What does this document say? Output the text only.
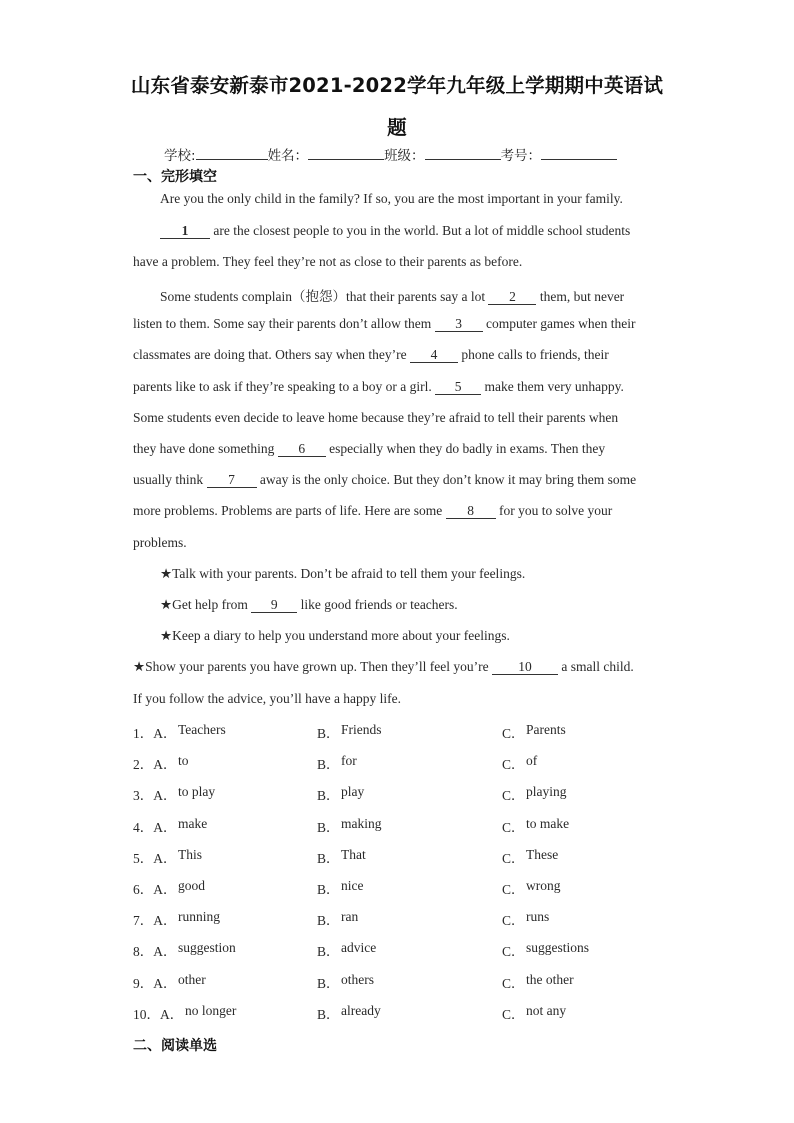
山东省泰安新泰市2021-2022学年九年级上学期期中英语试
题
学校:	姓名：	班级：	考号：
一、完形填空
Are you the only child in the family? If so, you are the most important in your family.
1 are the closest people to you in the world. But a lot of middle school students
have a problem. They feel they’re not as close to their parents as before.
Some students complain（抱怨）that their parents say a lot 2 them, but never
listen to them. Some say their parents don’t allow them 3 computer games when their
classmates are doing that. Others say when they’re 4 phone calls to friends, their
parents like to ask if they’re speaking to a boy or a girl. 5 make them very unhappy.
Some students even decide to leave home because they’re afraid to tell their parents when
they have done something 6 especially when they do badly in exams. Then they
usually think 7 away is the only choice. But they don’t know it may bring them some
more problems. Problems are parts of life. Here are some 8 for you to solve your
problems.
★Talk with your parents. Don’t be afraid to tell them your feelings.
★Get help from 9 like good friends or teachers.
★Keep a diary to help you understand more about your feelings.
★Show your parents you have grown up. Then they’ll feel you’re 10 a small child.
If you follow the advice, you’ll have a happy life.
1．A． Teachers	B． Friends	C． Parents
2．A． to	B． for	C． of
3．A． to play	B． play	C． playing
4．A． make	B． making	C． to make
5．A． This	B． That	C． These
6．A． good	B． nice	C． wrong
7．A． running	B． ran	C． runs
8．A． suggestion	B． advice	C． suggestions
9．A． other	B． others	C． the other
10．A． no longer	B． already	C． not any
二、阅读单选
